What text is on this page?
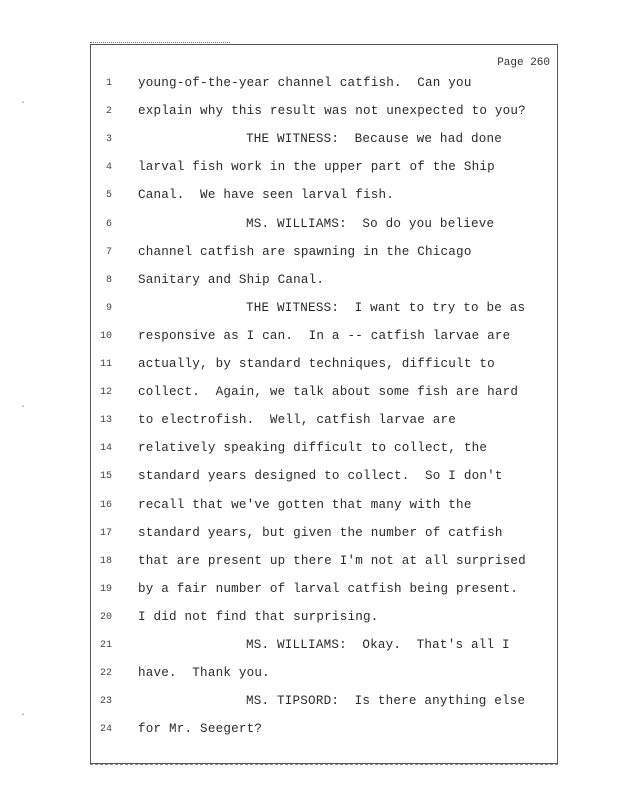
.
.
.
Page 260
1 young-of-the-year channel catfish.  Can you
2 explain why this result was not unexpected to you?
3	THE WITNESS:  Because we had done
4 larval fish work in the upper part of the Ship
5 Canal.  We have seen larval fish.
6	MS. WILLIAMS:  So do you believe
7 channel catfish are spawning in the Chicago
8 Sanitary and Ship Canal.
9	THE WITNESS:  I want to try to be as
10 responsive as I can.  In a -- catfish larvae are
11 actually, by standard techniques, difficult to
12 collect.  Again, we talk about some fish are hard
13 to electrofish.  Well, catfish larvae are
14 relatively speaking difficult to collect, the
15 standard years designed to collect.  So I don't
16 recall that we've gotten that many with the
17 standard years, but given the number of catfish
18 that are present up there I'm not at all surprised
19 by a fair number of larval catfish being present.
20 I did not find that surprising.
21	MS. WILLIAMS:  Okay.  That's all I
22 have.  Thank you.
23	MS. TIPSORD:  Is there anything else
24 for Mr. Seegert?
